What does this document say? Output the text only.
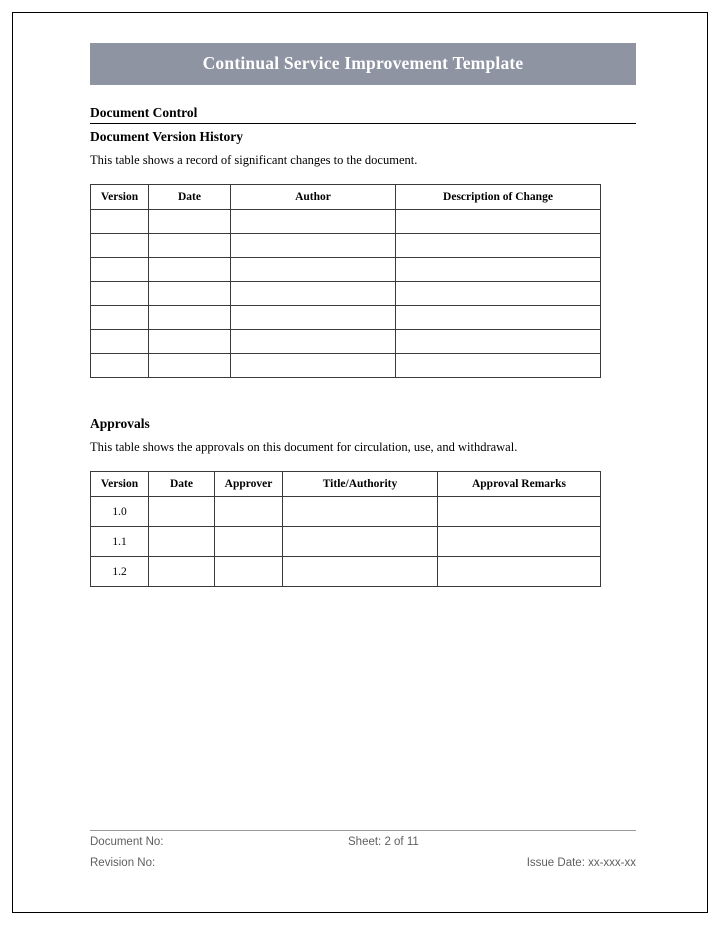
Continual Service Improvement Template
Document Control
Document Version History
This table shows a record of significant changes to the document.
Version	Date	Author	Description of Change

Approvals
This table shows the approvals on this document for circulation, use, and withdrawal.
Version	Date	Approver	Title/Authority	Approval Remarks
1.0				
1.1				
1.2				
Document No:	Sheet: 2 of 11
Revision No:	Issue Date: xx-xxx-xx
